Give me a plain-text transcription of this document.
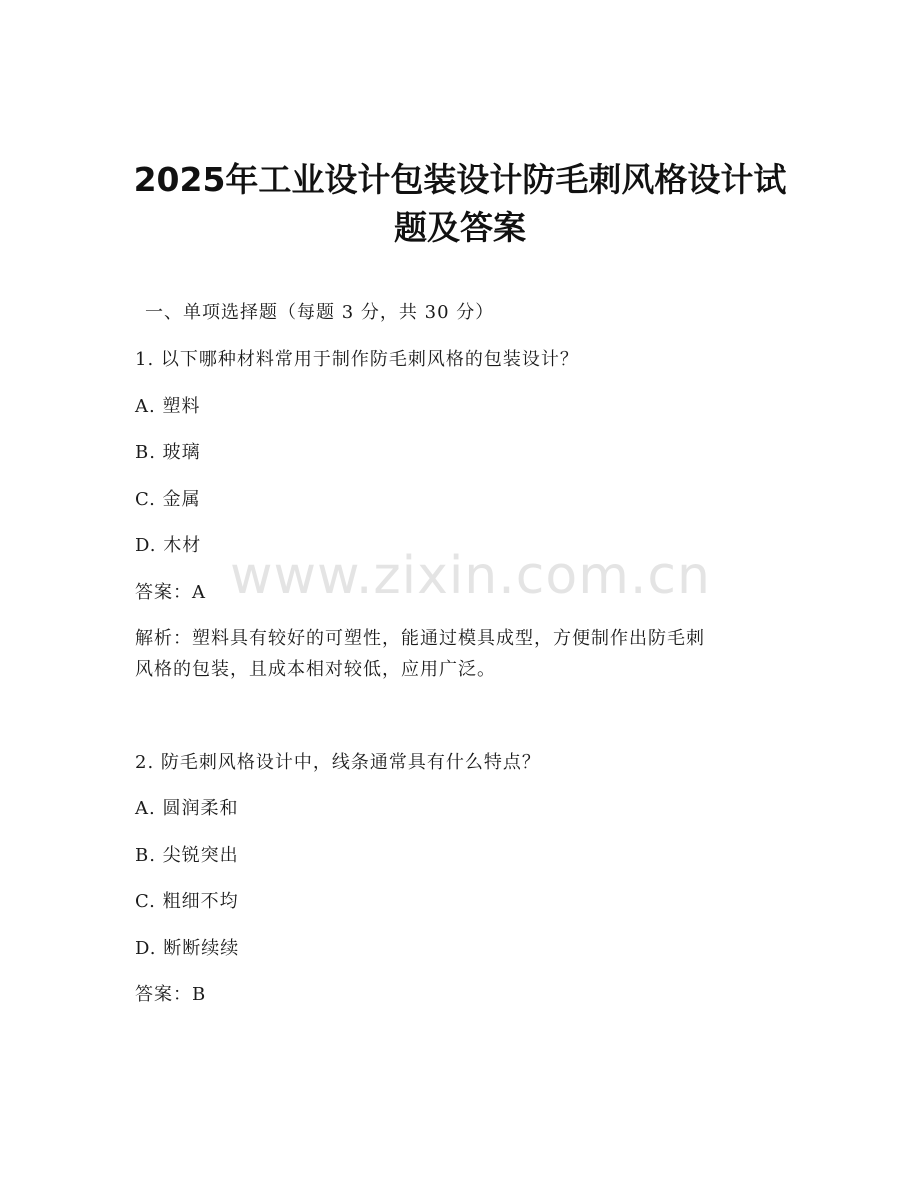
2025年工业设计包装设计防毛刺风格设计试
题及答案
一、单项选择题（每题 3 分，共 30 分）
1. 以下哪种材料常用于制作防毛刺风格的包装设计？
A. 塑料
B. 玻璃
C. 金属
D. 木材
答案：A
解析：塑料具有较好的可塑性，能通过模具成型，方便制作出防毛刺
风格的包装，且成本相对较低，应用广泛。
2. 防毛刺风格设计中，线条通常具有什么特点？
A. 圆润柔和
B. 尖锐突出
C. 粗细不均
D. 断断续续
答案：B
www.zixin.com.cn
